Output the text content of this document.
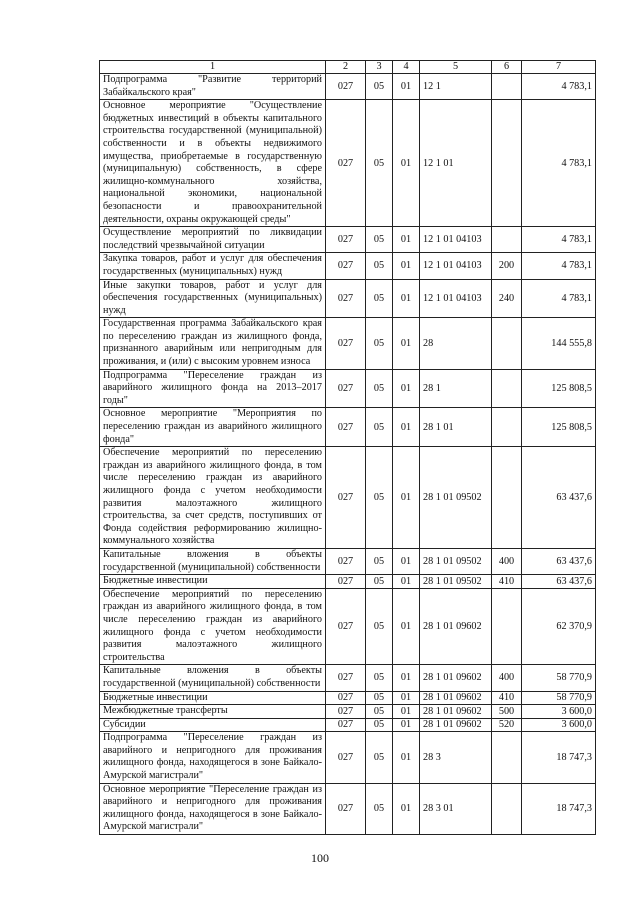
1	2	3	4	5	6	7
Подпрограмма "Развитие территорий Забайкальского края"	027	05	01	12 1		4 783,1
Основное мероприятие "Осуществление бюджетных инвестиций в объекты капитального строительства государственной (муниципальной) собственности и в объекты недвижимого имущества, приобретаемые в государственную (муниципальную) собственность, в сфере жилищно-коммунального хозяйства, национальной экономики, национальной безопасности и правоохранительной деятельности, охраны окружающей среды"	027	05	01	12 1 01		4 783,1
Осуществление мероприятий по ликвидации последствий чрезвычайной ситуации	027	05	01	12 1 01 04103		4 783,1
Закупка товаров, работ и услуг для обеспечения государственных (муниципальных) нужд	027	05	01	12 1 01 04103	200	4 783,1
Иные закупки товаров, работ и услуг для обеспечения государственных (муниципальных) нужд	027	05	01	12 1 01 04103	240	4 783,1
Государственная программа Забайкальского края по переселению граждан из жилищного фонда, признанного аварийным или непригодным для проживания, и (или) с высоким уровнем износа	027	05	01	28		144 555,8
Подпрограмма "Переселение граждан из аварийного жилищного фонда на 2013–2017 годы"	027	05	01	28 1		125 808,5
Основное мероприятие "Мероприятия по переселению граждан из аварийного жилищного фонда"	027	05	01	28 1 01		125 808,5
Обеспечение мероприятий по переселению граждан из аварийного жилищного фонда, в том числе переселению граждан из аварийного жилищного фонда с учетом необходимости развития малоэтажного жилищного строительства, за счет средств, поступивших от Фонда содействия реформированию жилищно-коммунального хозяйства	027	05	01	28 1 01 09502		63 437,6
Капитальные вложения в объекты государственной (муниципальной) собственности	027	05	01	28 1 01 09502	400	63 437,6
Бюджетные инвестиции	027	05	01	28 1 01 09502	410	63 437,6
Обеспечение мероприятий по переселению граждан из аварийного жилищного фонда, в том числе переселению граждан из аварийного жилищного фонда с учетом необходимости развития малоэтажного жилищного строительства	027	05	01	28 1 01 09602		62 370,9
Капитальные вложения в объекты государственной (муниципальной) собственности	027	05	01	28 1 01 09602	400	58 770,9
Бюджетные инвестиции	027	05	01	28 1 01 09602	410	58 770,9
Межбюджетные трансферты	027	05	01	28 1 01 09602	500	3 600,0
Субсидии	027	05	01	28 1 01 09602	520	3 600,0
Подпрограмма "Переселение граждан из аварийного и непригодного для проживания жилищного фонда, находящегося в зоне Байкало-Амурской магистрали"	027	05	01	28 3		18 747,3
Основное мероприятие "Переселение граждан из аварийного и непригодного для проживания жилищного фонда, находящегося в зоне Байкало-Амурской магистрали"	027	05	01	28 3 01		18 747,3
100
